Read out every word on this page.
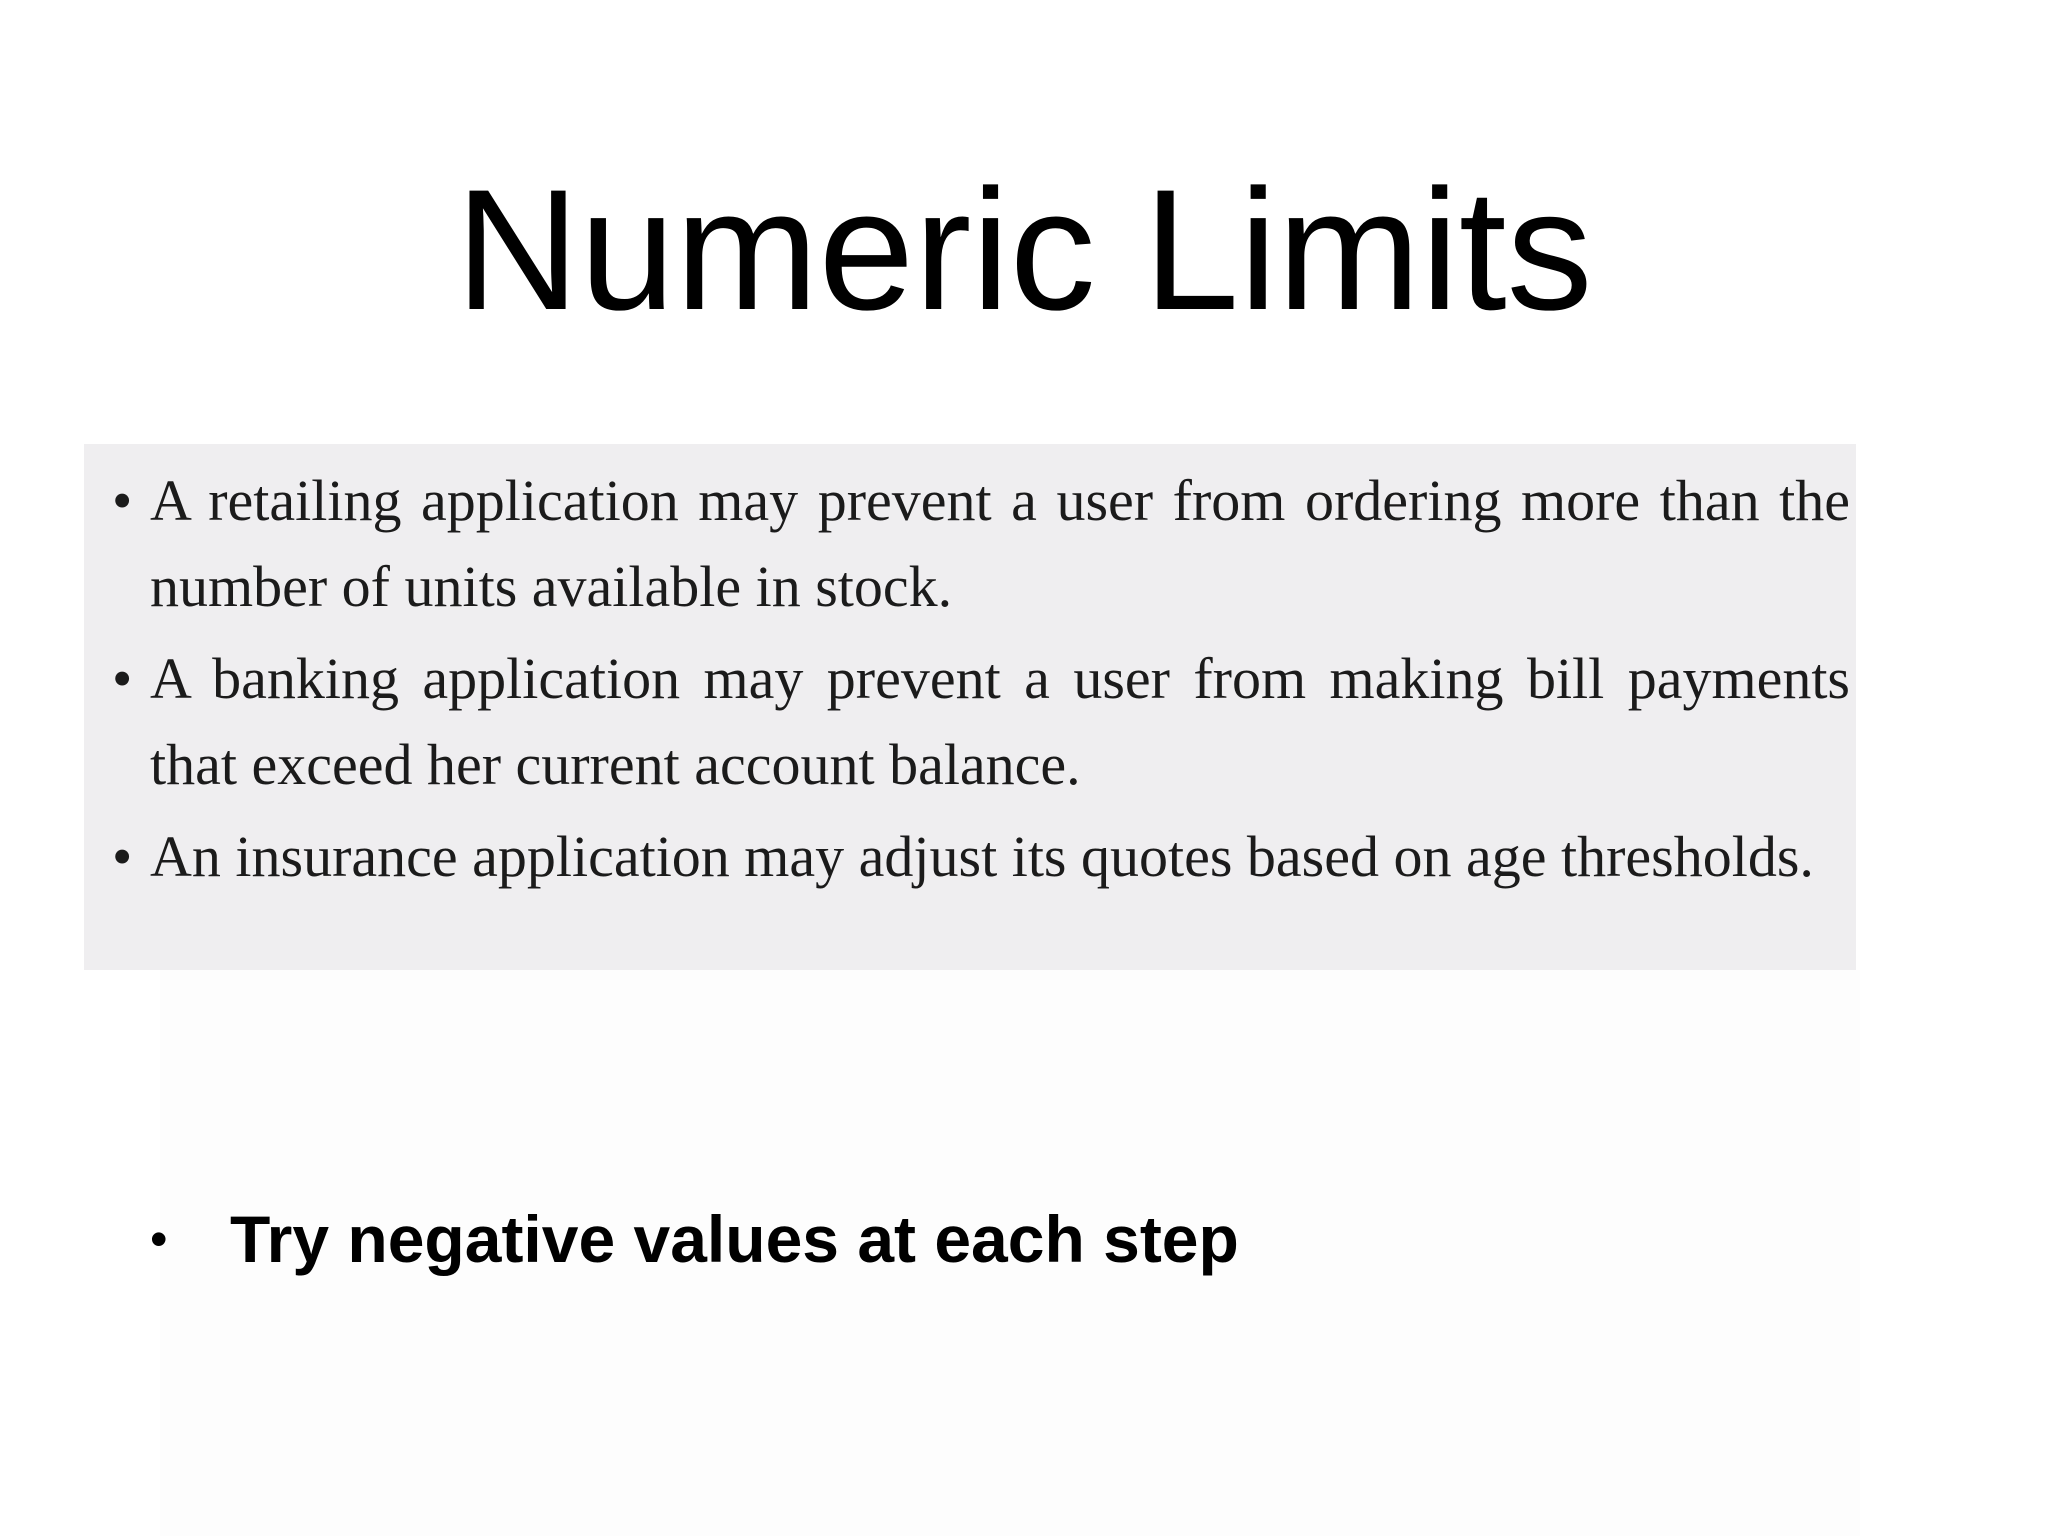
Numeric Limits
• A retailing application may prevent a user from ordering more than the number of units available in stock.
• A banking application may prevent a user from making bill payments that exceed her current account balance.
• An insurance application may adjust its quotes based on age thresholds.
• Try negative values at each step
